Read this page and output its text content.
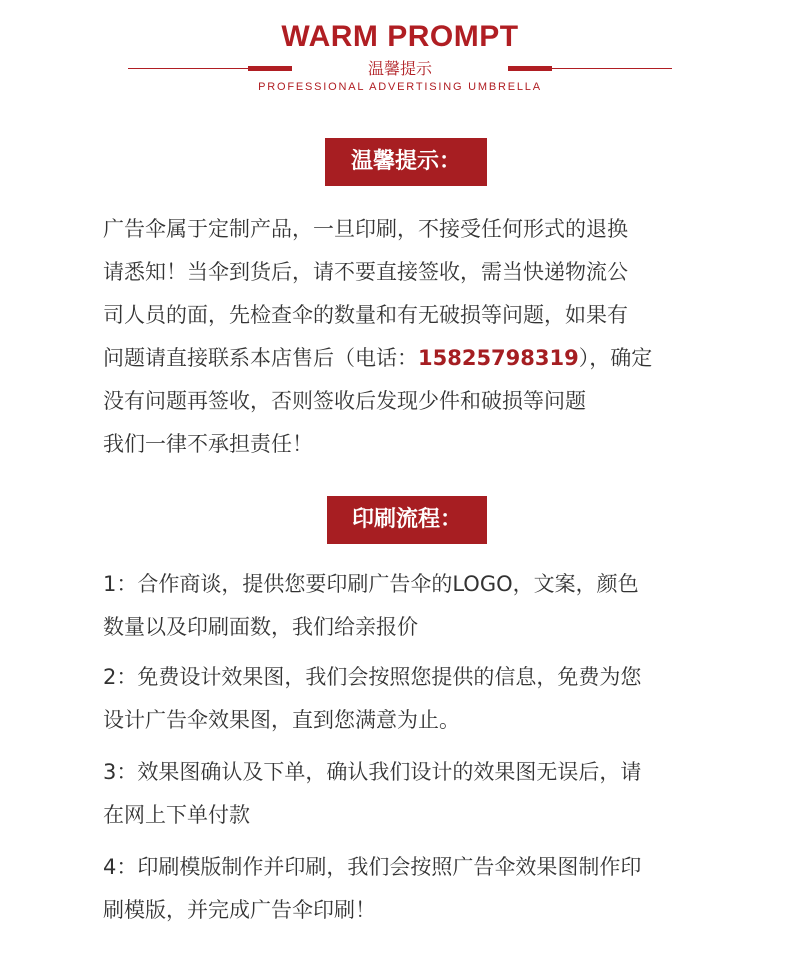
WARM PROMPT
温馨提示
PROFESSIONAL ADVERTISING UMBRELLA
温馨提示：
广告伞属于定制产品，一旦印刷，不接受任何形式的退换
请悉知！当伞到货后，请不要直接签收，需当快递物流公
司人员的面，先检查伞的数量和有无破损等问题，如果有
问题请直接联系本店售后（电话：15825798319），确定
没有问题再签收，否则签收后发现少件和破损等问题
我们一律不承担责任！
印刷流程：
1：合作商谈，提供您要印刷广告伞的LOGO，文案，颜色
数量以及印刷面数，我们给亲报价
2：免费设计效果图，我们会按照您提供的信息，免费为您
设计广告伞效果图，直到您满意为止。
3：效果图确认及下单，确认我们设计的效果图无误后，请
在网上下单付款
4：印刷模版制作并印刷，我们会按照广告伞效果图制作印
刷模版，并完成广告伞印刷！
